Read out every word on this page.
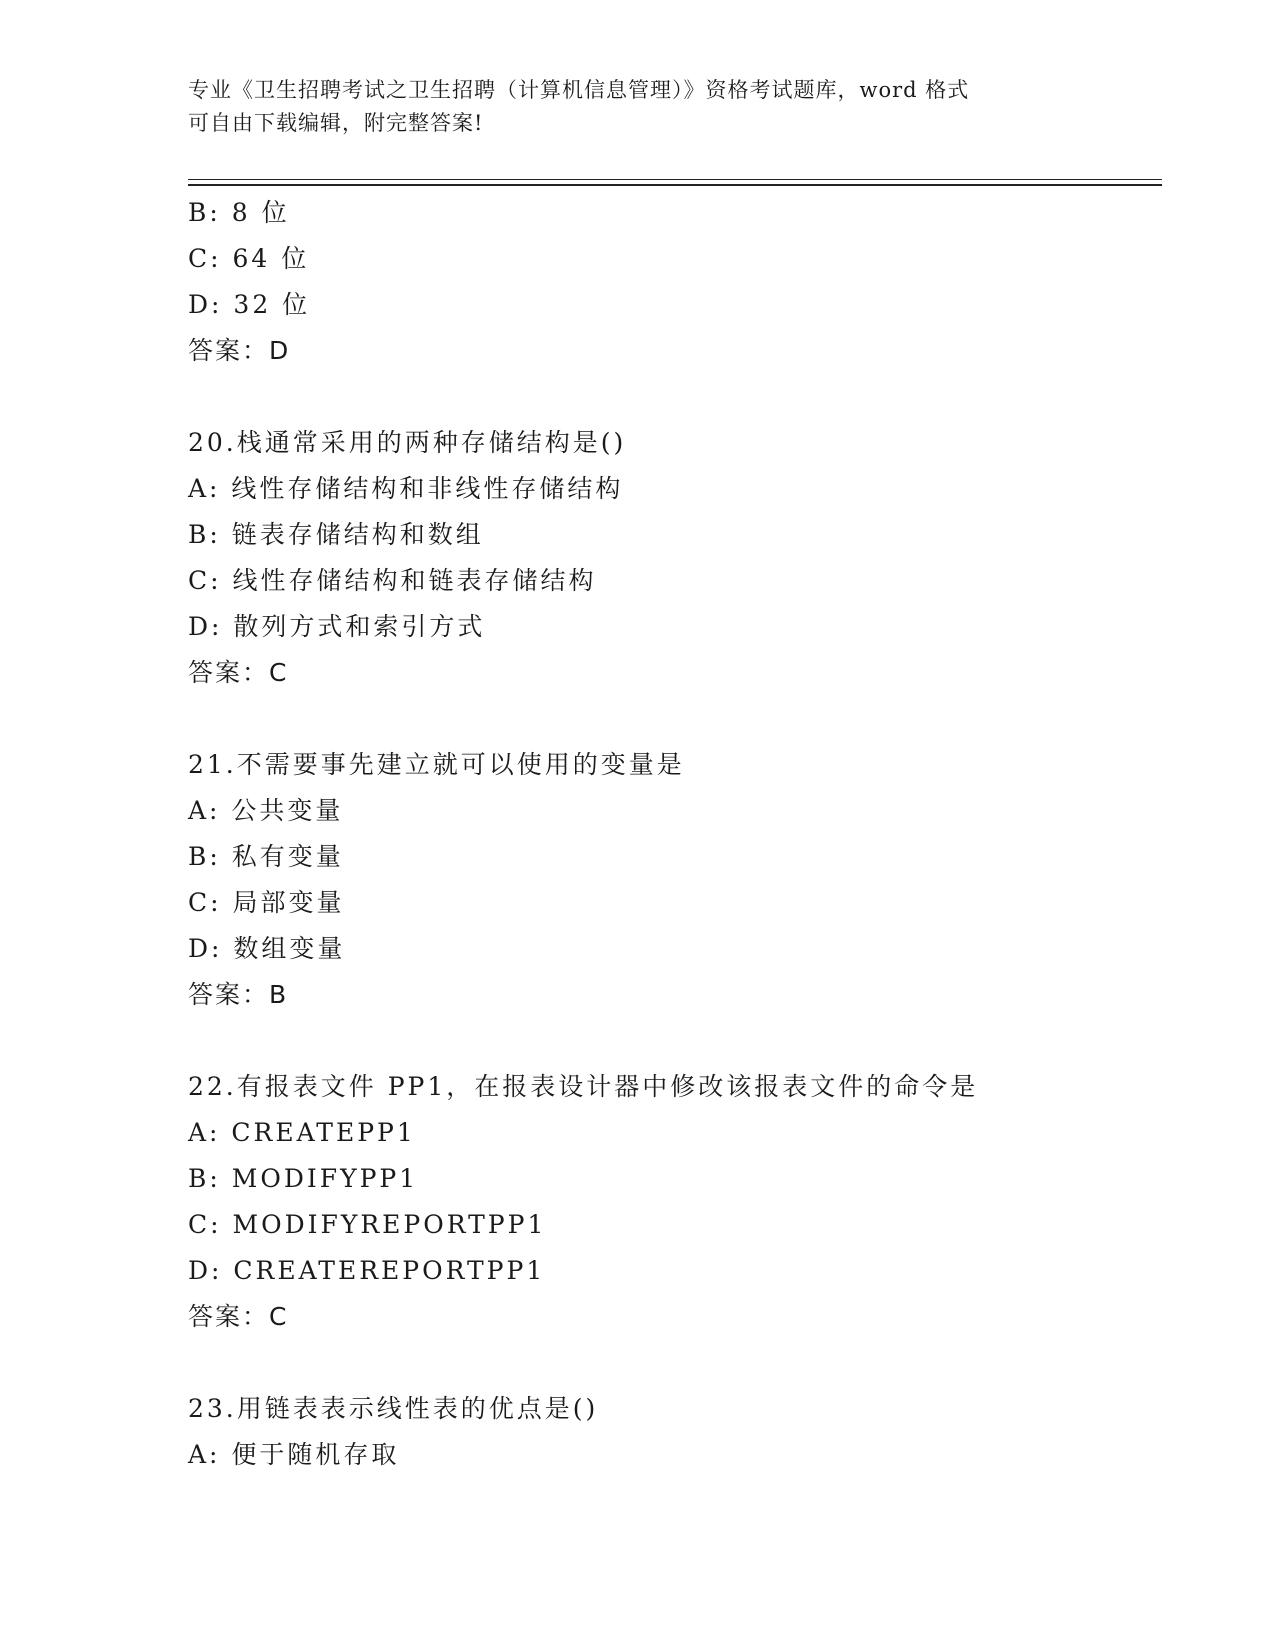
专业《卫生招聘考试之卫生招聘（计算机信息管理）》资格考试题库，word 格式
可自由下载编辑，附完整答案!
B: 8 位
C: 64 位
D: 32 位
答案：D
20.栈通常采用的两种存储结构是()
A: 线性存储结构和非线性存储结构
B: 链表存储结构和数组
C: 线性存储结构和链表存储结构
D: 散列方式和索引方式
答案：C
21.不需要事先建立就可以使用的变量是
A: 公共变量
B: 私有变量
C: 局部变量
D: 数组变量
答案：B
22.有报表文件 PP1，在报表设计器中修改该报表文件的命令是
A: CREATEPP1
B: MODIFYPP1
C: MODIFYREPORTPP1
D: CREATEREPORTPP1
答案：C
23.用链表表示线性表的优点是()
A: 便于随机存取
